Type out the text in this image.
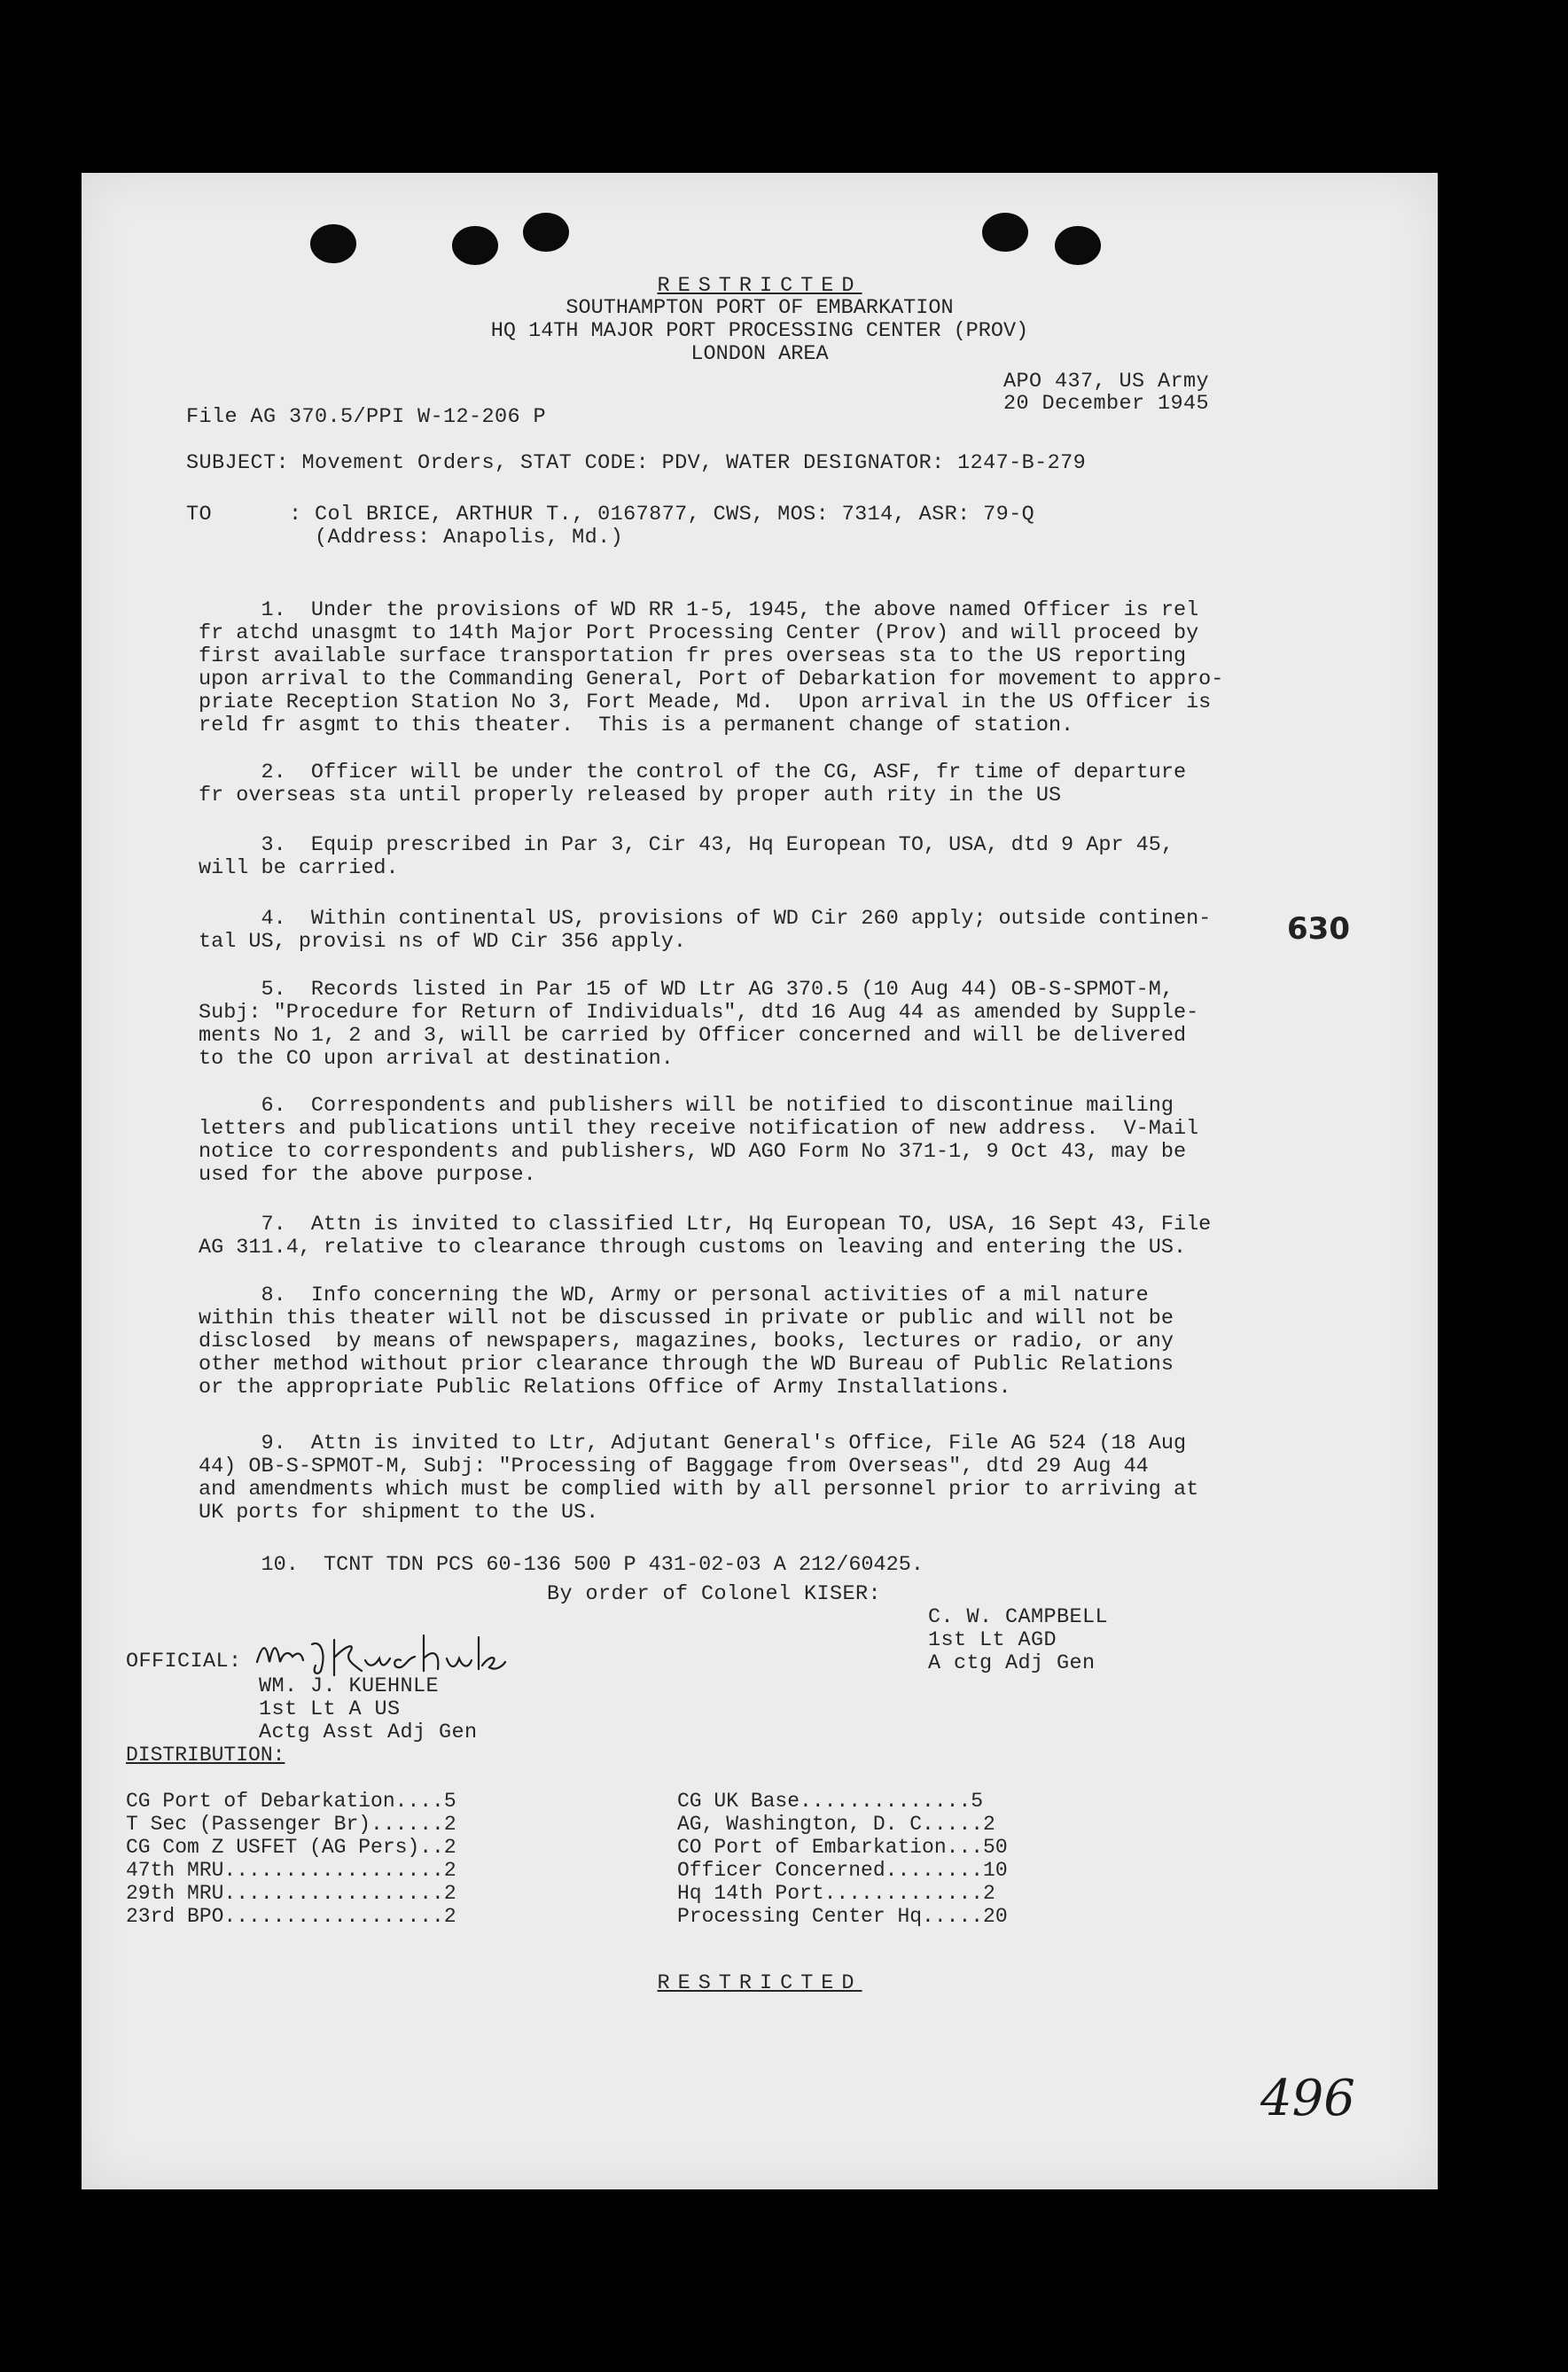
RESTRICTED
SOUTHAMPTON PORT OF EMBARKATION
HQ 14TH MAJOR PORT PROCESSING CENTER (PROV)
LONDON AREA
APO 437, US Army
20 December 1945
File AG 370.5/PPI W-12-206 P
SUBJECT: Movement Orders, STAT CODE: PDV, WATER DESIGNATOR: 1247-B-279
TO      : Col BRICE, ARTHUR T., 0167877, CWS, MOS: 7314, ASR: 79-Q
(Address: Anapolis, Md.)

1.  Under the provisions of WD RR 1-5, 1945, the above named Officer is rel
fr atchd unasgmt to 14th Major Port Processing Center (Prov) and will proceed by
first available surface transportation fr pres overseas sta to the US reporting
upon arrival to the Commanding General, Port of Debarkation for movement to appro-
priate Reception Station No 3, Fort Meade, Md.  Upon arrival in the US Officer is
reld fr asgmt to this theater.  This is a permanent change of station.

2.  Officer will be under the control of the CG, ASF, fr time of departure
fr overseas sta until properly released by proper auth rity in the US

3.  Equip prescribed in Par 3, Cir 43, Hq European TO, USA, dtd 9 Apr 45,
will be carried.

4.  Within continental US, provisions of WD Cir 260 apply; outside continen-
tal US, provisi ns of WD Cir 356 apply.	630

5.  Records listed in Par 15 of WD Ltr AG 370.5 (10 Aug 44) OB-S-SPMOT-M,
Subj: "Procedure for Return of Individuals", dtd 16 Aug 44 as amended by Supple-
ments No 1, 2 and 3, will be carried by Officer concerned and will be delivered
to the CO upon arrival at destination.

6.  Correspondents and publishers will be notified to discontinue mailing
letters and publications until they receive notification of new address.  V-Mail
notice to correspondents and publishers, WD AGO Form No 371-1, 9 Oct 43, may be
used for the above purpose.

7.  Attn is invited to classified Ltr, Hq European TO, USA, 16 Sept 43, File
AG 311.4, relative to clearance through customs on leaving and entering the US.

8.  Info concerning the WD, Army or personal activities of a mil nature
within this theater will not be discussed in private or public and will not be
disclosed  by means of newspapers, magazines, books, lectures or radio, or any
other method without prior clearance through the WD Bureau of Public Relations
or the appropriate Public Relations Office of Army Installations.

9.  Attn is invited to Ltr, Adjutant General's Office, File AG 524 (18 Aug
44) OB-S-SPMOT-M, Subj: "Processing of Baggage from Overseas", dtd 29 Aug 44
and amendments which must be complied with by all personnel prior to arriving at
UK ports for shipment to the US.

10.  TCNT TDN PCS 60-136 500 P 431-02-03 A 212/60425.
By order of Colonel KISER:
C. W. CAMPBELL
1st Lt AGD
A ctg Adj Gen
OFFICIAL:
WM. J. KUEHNLE
1st Lt A US
Actg Asst Adj Gen
DISTRIBUTION:

CG Port of Debarkation....5
T Sec (Passenger Br)......2
CG Com Z USFET (AG Pers)..2
47th MRU..................2
29th MRU..................2
23rd BPO..................2

CG UK Base..............5
AG, Washington, D. C.....2
CO Port of Embarkation...50
Officer Concerned........10
Hq 14th Port.............2
Processing Center Hq.....20
RESTRICTED
496
